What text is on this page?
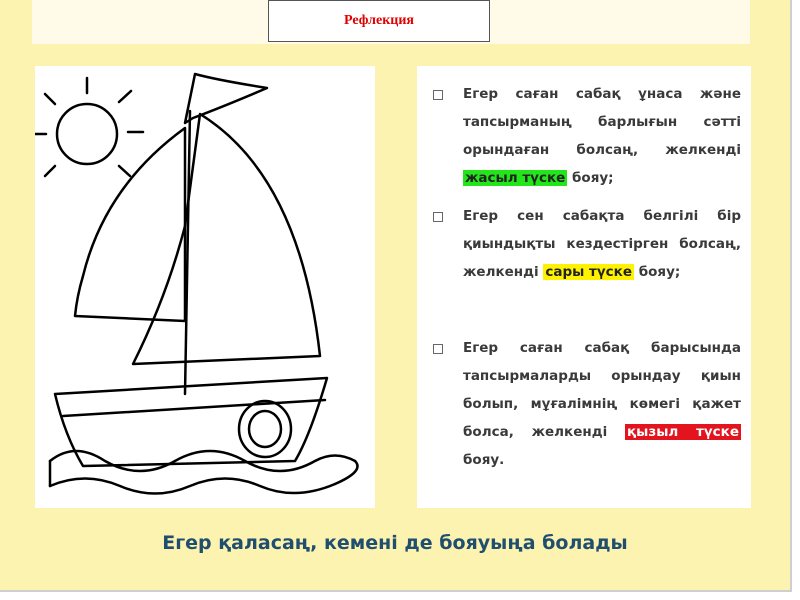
Рефлекция

Егер саған сабақ ұнаса және тапсырманың барлығын сәтті орындаған болсаң, желкенді жасыл түске бояу;

Егер сен сабақта белгілі бір қиындықты кездестірген болсаң, желкенді сары түске бояу;

Егер саған сабақ барысында тапсырмаларды орындау қиын болып, мұғалімнің көмегі қажет болса, желкенді қызыл түске бояу.

Егер қаласаң, кемені де бояуыңа болады
